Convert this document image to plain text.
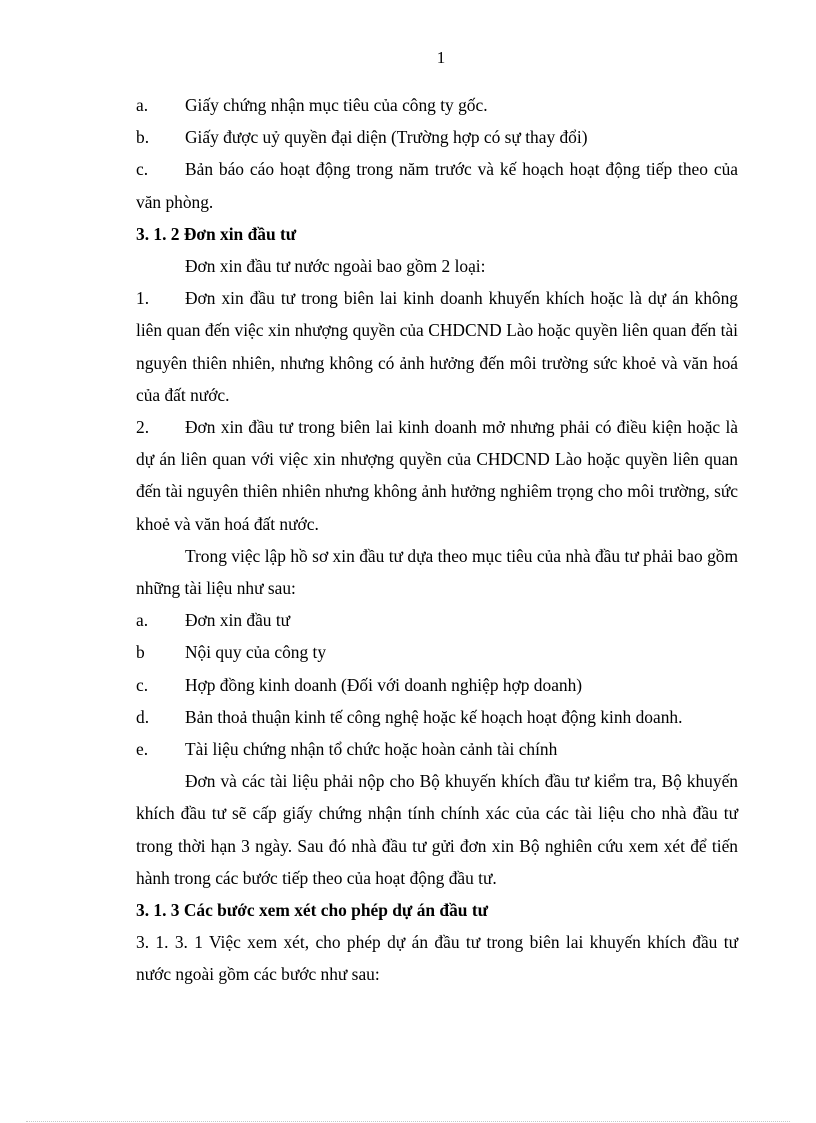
1
a.	Giấy chứng nhận mục tiêu của công ty gốc.
b.	Giấy được uỷ quyền đại diện (Trường hợp có sự thay đổi)

c. Bản báo cáo hoạt động trong năm trước và kế hoạch hoạt động tiếp theo của văn phòng.

3. 1. 2 Đơn xin đầu tư

Đơn xin đầu tư nước ngoài bao gồm 2 loại:

1. Đơn xin đầu tư trong biên lai kinh doanh khuyến khích hoặc là dự án không liên quan đến việc xin nhượng quyền của CHDCND Lào hoặc quyền liên quan đến tài nguyên thiên nhiên, nhưng không có ảnh hưởng đến môi trường sức khoẻ và văn hoá của đất nước.

2. Đơn xin đầu tư trong biên lai kinh doanh mở nhưng phải có điều kiện hoặc là dự án liên quan với việc xin nhượng quyền của CHDCND Lào hoặc quyền liên quan đến tài nguyên thiên nhiên nhưng không ảnh hưởng nghiêm trọng cho môi trường, sức khoẻ và văn hoá đất nước.

Trong việc lập hồ sơ xin đầu tư dựa theo mục tiêu của nhà đầu tư phải bao gồm những tài liệu như sau:

a.	Đơn xin đầu tư
b	Nội quy của công ty
c.	Hợp đồng kinh doanh (Đối với doanh nghiệp hợp doanh)
d.	Bản thoả thuận kinh tế công nghệ hoặc kế hoạch hoạt động kinh doanh.
e.	Tài liệu chứng nhận tổ chức hoặc hoàn cảnh tài chính

Đơn và các tài liệu phải nộp cho Bộ khuyến khích đầu tư kiểm tra, Bộ khuyến khích đầu tư sẽ cấp giấy chứng nhận tính chính xác của các tài liệu cho nhà đầu tư trong thời hạn 3 ngày. Sau đó nhà đầu tư gửi đơn xin Bộ nghiên cứu xem xét để tiến hành trong các bước tiếp theo của hoạt động đầu tư.

3. 1. 3 Các bước xem xét cho phép dự án đầu tư

3. 1. 3. 1 Việc xem xét, cho phép dự án đầu tư trong biên lai khuyến khích đầu tư nước ngoài gồm các bước như sau:
